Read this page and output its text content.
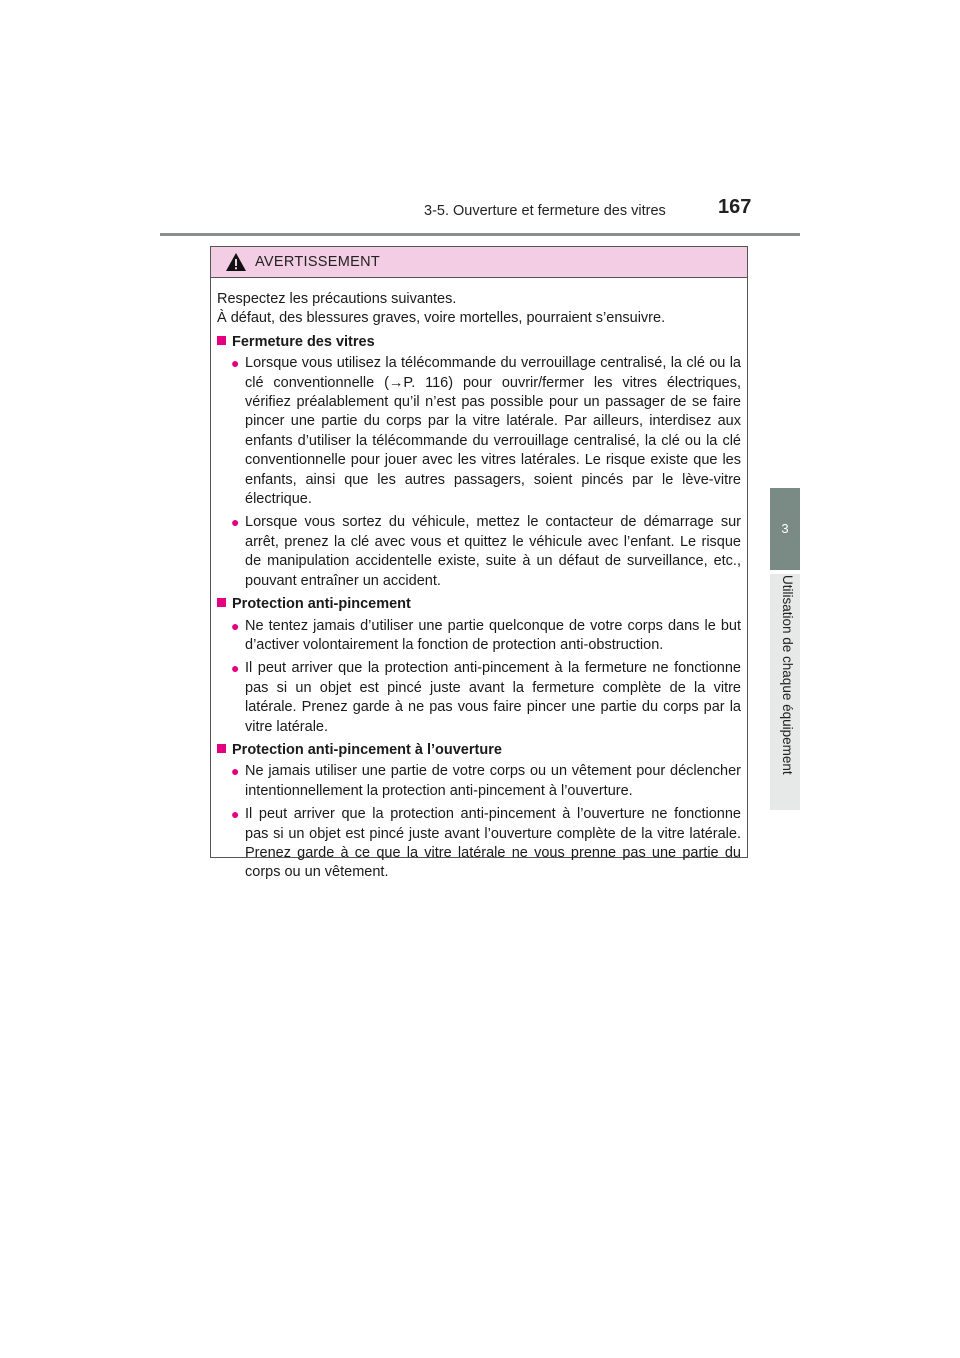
3-5. Ouverture et fermeture des vitres	167
3
Utilisation de chaque équipement
AVERTISSEMENT

Respectez les précautions suivantes.

À défaut, des blessures graves, voire mortelles, pourraient s’ensuivre.

Fermeture des vitres
● Lorsque vous utilisez la télécommande du verrouillage centralisé, la clé ou la clé conventionnelle (→P. 116) pour ouvrir/fermer les vitres électriques, vérifiez préalablement qu’il n’est pas possible pour un passager de se faire pincer une partie du corps par la vitre latérale. Par ailleurs, interdisez aux enfants d’utiliser la télécommande du verrouillage centralisé, la clé ou la clé conventionnelle pour jouer avec les vitres latérales. Le risque existe que les enfants, ainsi que les autres passagers, soient pincés par le lève-vitre électrique.
● Lorsque vous sortez du véhicule, mettez le contacteur de démarrage sur arrêt, prenez la clé avec vous et quittez le véhicule avec l’enfant. Le risque de manipulation accidentelle existe, suite à un défaut de surveillance, etc., pouvant entraîner un accident.
Protection anti-pincement
● Ne tentez jamais d’utiliser une partie quelconque de votre corps dans le but d’activer volontairement la fonction de protection anti-obstruction.
● Il peut arriver que la protection anti-pincement à la fermeture ne fonctionne pas si un objet est pincé juste avant la fermeture complète de la vitre latérale. Prenez garde à ne pas vous faire pincer une partie du corps par la vitre latérale.
Protection anti-pincement à l’ouverture
● Ne jamais utiliser une partie de votre corps ou un vêtement pour déclencher intentionnellement la protection anti-pincement à l’ouverture.
● Il peut arriver que la protection anti-pincement à l’ouverture ne fonctionne pas si un objet est pincé juste avant l’ouverture complète de la vitre latérale. Prenez garde à ce que la vitre latérale ne vous prenne pas une partie du corps ou un vêtement.
